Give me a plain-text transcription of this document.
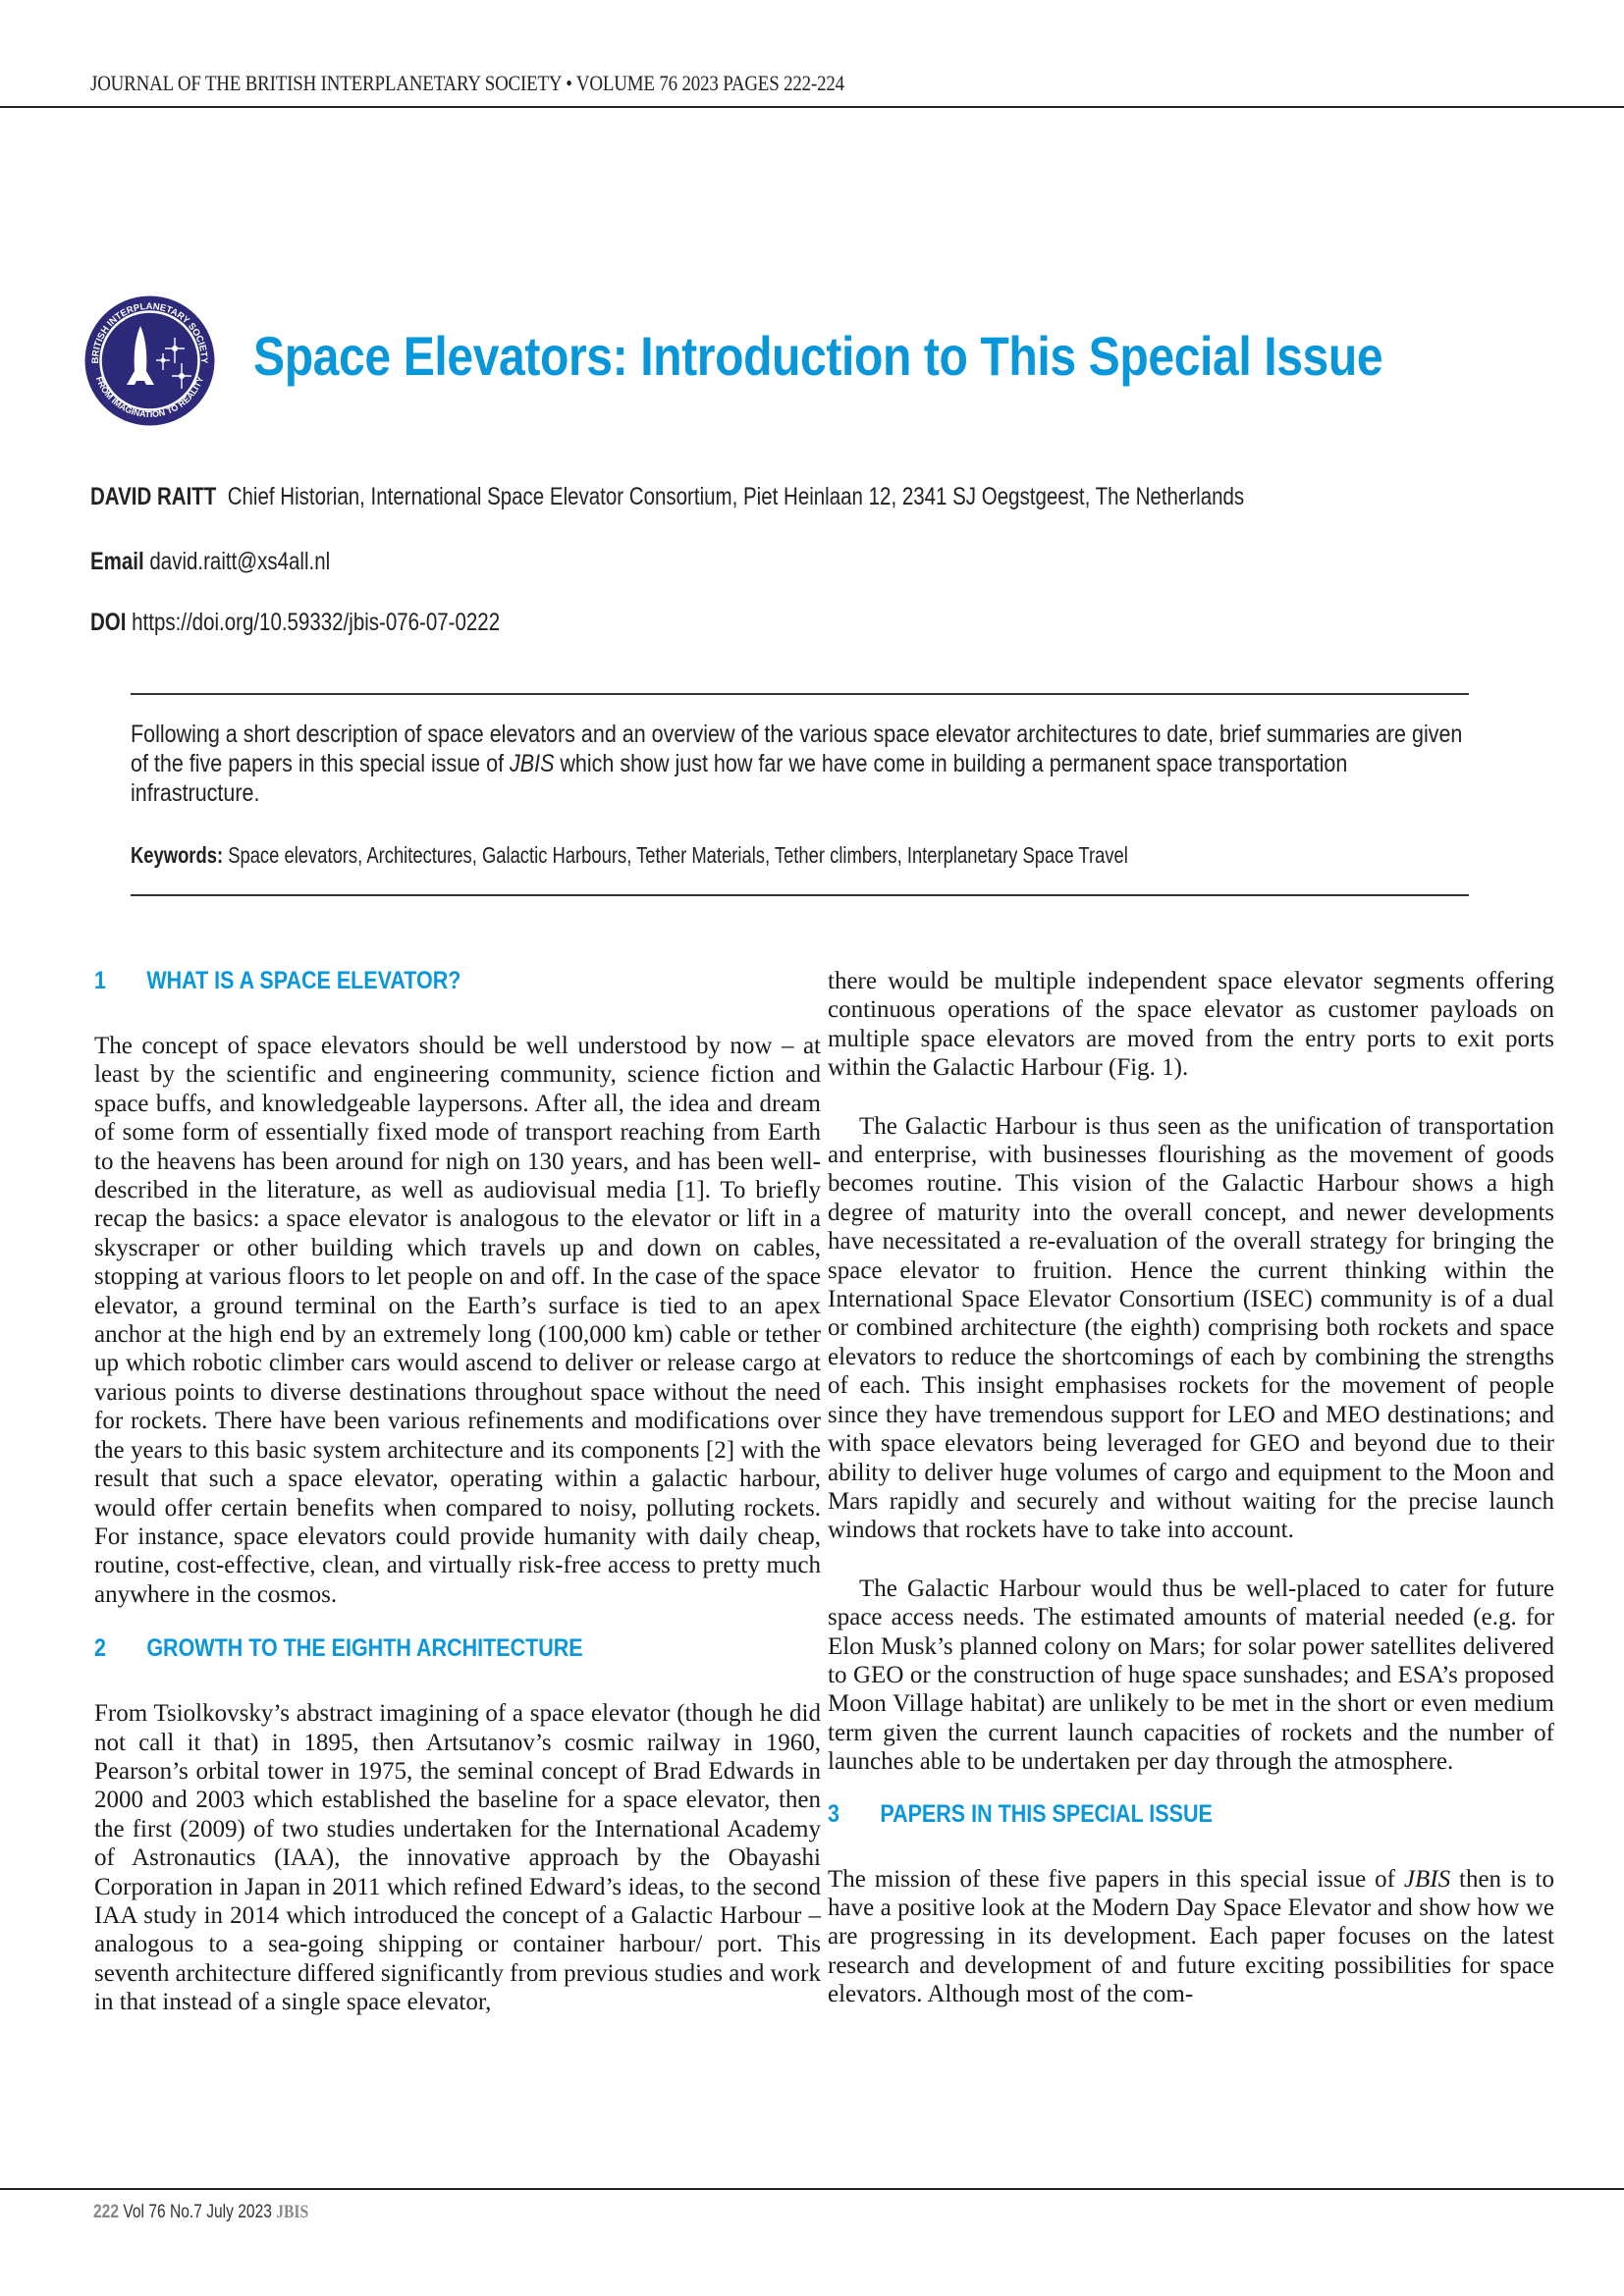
JOURNAL OF THE BRITISH INTERPLANETARY SOCIETY • VOLUME 76 2023 PAGES 222-224
BRITISH INTERPLANETARY SOCIETY
FROM IMAGINATION TO REALITY Space Elevators: Introduction to This Special Issue
DAVID RAITT Chief Historian, International Space Elevator Consortium, Piet Heinlaan 12, 2341 SJ Oegstgeest, The Netherlands
Email david.raitt@xs4all.nl
DOI https://doi.org/10.59332/jbis-076-07-0222
Following a short description of space elevators and an overview of the various space elevator architectures to date, brief summaries are given of the five papers in this special issue of JBIS which show just how far we have come in building a permanent space transportation infrastructure.
Keywords: Space elevators, Architectures, Galactic Harbours, Tether Materials, Tether climbers, Interplanetary Space Travel
1 WHAT IS A SPACE ELEVATOR?

The concept of space elevators should be well understood by now – at least by the scientific and engineering community, science fiction and space buffs, and knowledgeable laypersons. After all, the idea and dream of some form of essentially fixed mode of transport reaching from Earth to the heavens has been around for nigh on 130 years, and has been well-described in the literature, as well as audiovisual media [1]. To briefly recap the basics: a space elevator is analogous to the elevator or lift in a skyscraper or other building which travels up and down on cables, stopping at various floors to let people on and off. In the case of the space elevator, a ground terminal on the Earth’s surface is tied to an apex anchor at the high end by an extremely long (100,000 km) cable or tether up which robotic climber cars would ascend to deliver or release cargo at various points to diverse destinations throughout space without the need for rockets. There have been various refinements and modifications over the years to this basic system architecture and its components [2] with the result that such a space elevator, operating within a galactic harbour, would offer certain benefits when compared to noisy, polluting rockets. For instance, space elevators could provide humanity with daily cheap, routine, cost-effective, clean, and virtually risk-free access to pretty much anywhere in the cosmos.

2 GROWTH TO THE EIGHTH ARCHITECTURE

From Tsiolkovsky’s abstract imagining of a space elevator (though he did not call it that) in 1895, then Artsutanov’s cosmic railway in 1960, Pearson’s orbital tower in 1975, the seminal concept of Brad Edwards in 2000 and 2003 which established the baseline for a space elevator, then the first (2009) of two studies undertaken for the International Academy of Astronautics (IAA), the innovative approach by the Obayashi Corporation in Japan in 2011 which refined Edward’s ideas, to the second IAA study in 2014 which introduced the concept of a Galactic Harbour – analogous to a sea-going shipping or container harbour/ port. This seventh architecture differed significantly from previous studies and work in that instead of a single space elevator,

there would be multiple independent space elevator segments offering continuous operations of the space elevator as customer payloads on multiple space elevators are moved from the entry ports to exit ports within the Galactic Harbour (Fig. 1).

The Galactic Harbour is thus seen as the unification of transportation and enterprise, with businesses flourishing as the movement of goods becomes routine. This vision of the Galactic Harbour shows a high degree of maturity into the overall concept, and newer developments have necessitated a re-evaluation of the overall strategy for bringing the space elevator to fruition. Hence the current thinking within the International Space Elevator Consortium (ISEC) community is of a dual or combined architecture (the eighth) comprising both rockets and space elevators to reduce the shortcomings of each by combining the strengths of each. This insight emphasises rockets for the movement of people since they have tremendous support for LEO and MEO destinations; and with space elevators being leveraged for GEO and beyond due to their ability to deliver huge volumes of cargo and equipment to the Moon and Mars rapidly and securely and without waiting for the precise launch windows that rockets have to take into account.

The Galactic Harbour would thus be well-placed to cater for future space access needs. The estimated amounts of material needed (e.g. for Elon Musk’s planned colony on Mars; for solar power satellites delivered to GEO or the construction of huge space sunshades; and ESA’s proposed Moon Village habitat) are unlikely to be met in the short or even medium term given the current launch capacities of rockets and the number of launches able to be undertaken per day through the atmosphere.

3 PAPERS IN THIS SPECIAL ISSUE

The mission of these five papers in this special issue of JBIS then is to have a positive look at the Modern Day Space Elevator and show how we are progressing in its development. Each paper focuses on the latest research and development of and future exciting possibilities for space elevators. Although most of the com-

222 Vol 76 No.7 July 2023 JBIS
